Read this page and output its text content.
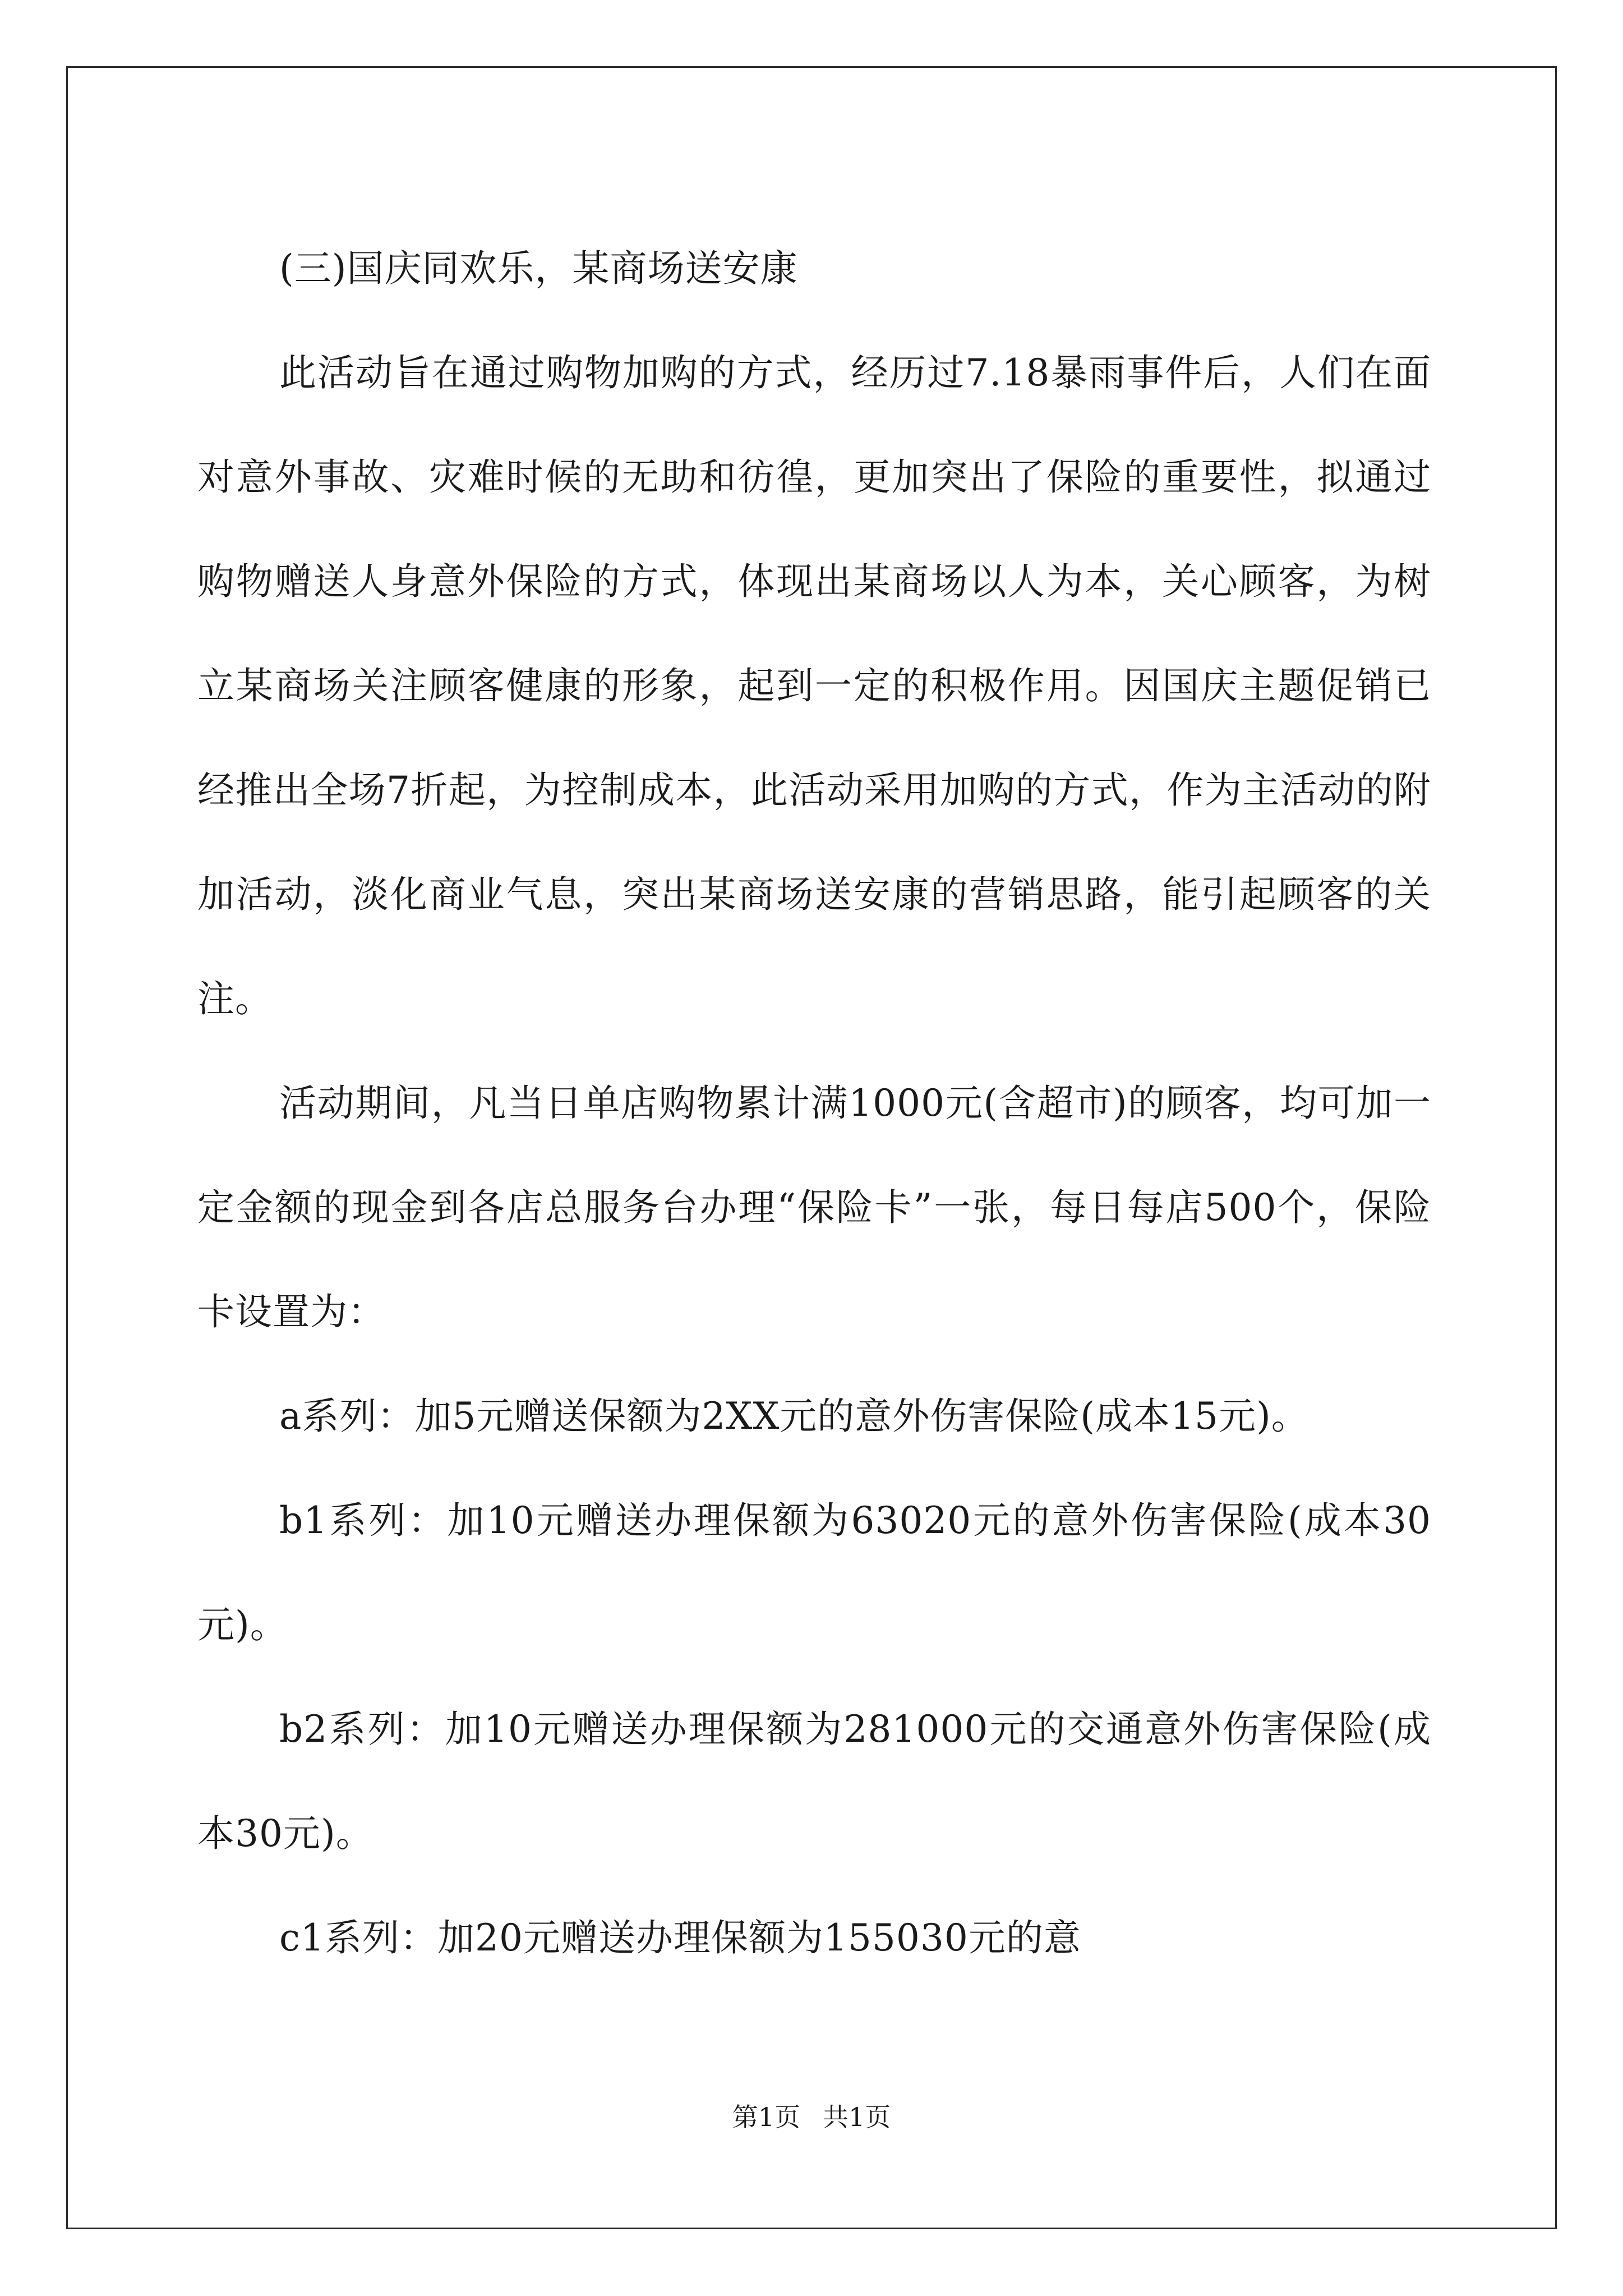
(三)国庆同欢乐，某商场送安康

此活动旨在通过购物加购的方式，经历过7.18暴雨事件后，人们在面对意外事故、灾难时候的无助和彷徨，更加突出了保险的重要性，拟通过购物赠送人身意外保险的方式，体现出某商场以人为本，关心顾客，为树立某商场关注顾客健康的形象，起到一定的积极作用。因国庆主题促销已经推出全场7折起，为控制成本，此活动采用加购的方式，作为主活动的附加活动，淡化商业气息，突出某商场送安康的营销思路，能引起顾客的关注。

活动期间，凡当日单店购物累计满1000元(含超市)的顾客，均可加一定金额的现金到各店总服务台办理“保险卡”一张，每日每店500个，保险卡设置为：

a系列：加5元赠送保额为2XX元的意外伤害保险(成本15元)。

b1系列：加10元赠送办理保额为63020元的意外伤害保险(成本30元)。

b2系列：加10元赠送办理保额为281000元的交通意外伤害保险(成本30元)。

c1系列：加20元赠送办理保额为155030元的意

第1页 共1页
